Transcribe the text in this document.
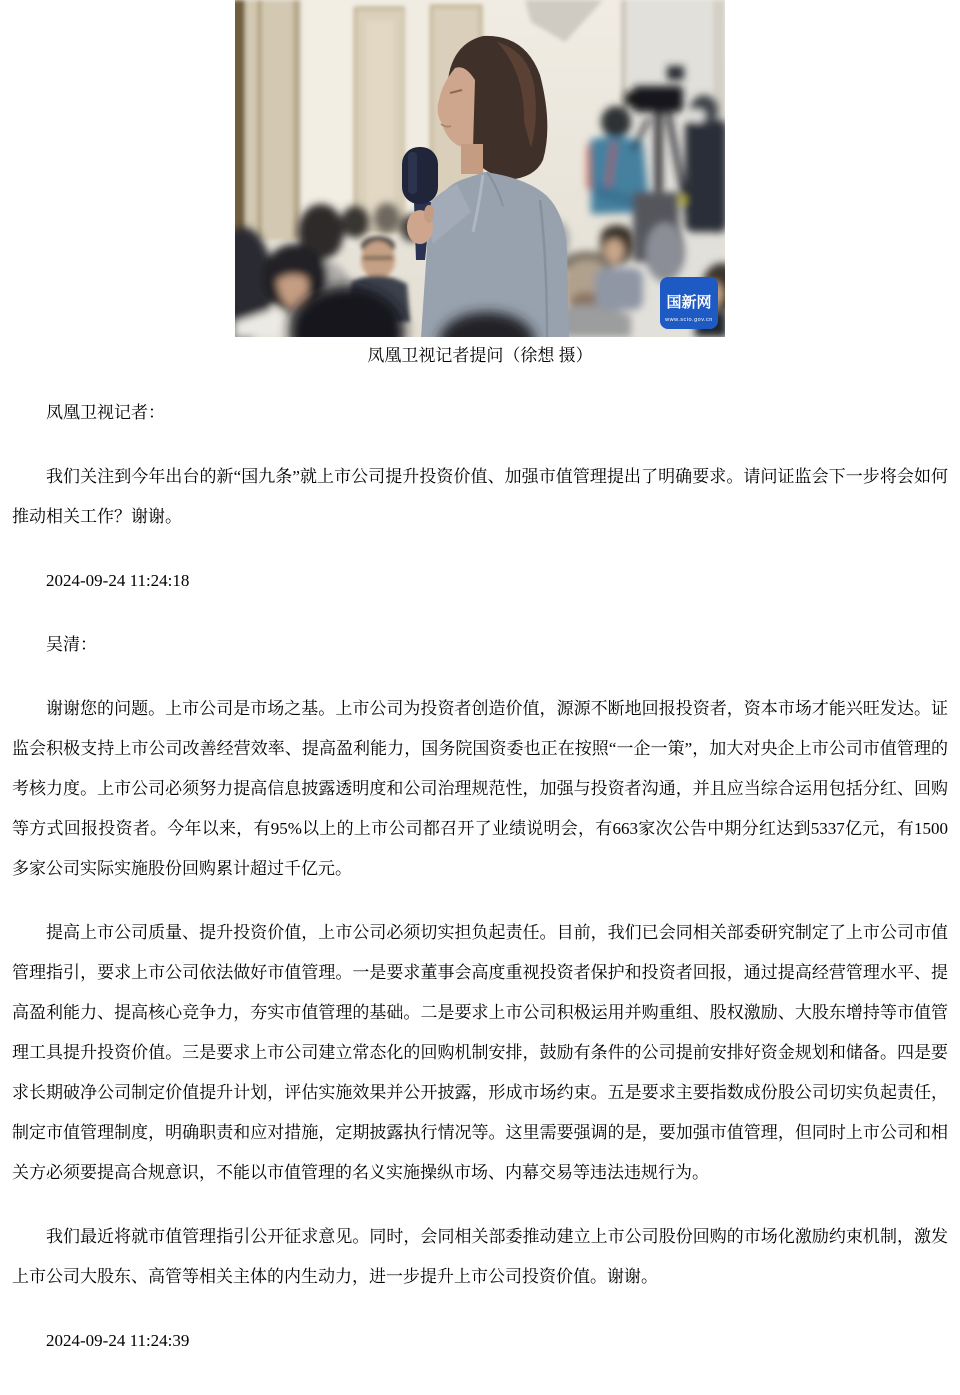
国新网
www.scio.gov.cn
凤凰卫视记者提问（徐想 摄）

凤凰卫视记者：

我们关注到今年出台的新“国九条”就上市公司提升投资价值、加强市值管理提出了明确要求。请问证监会下一步将会如何推动相关工作？谢谢。

2024-09-24 11:24:18

吴清：

谢谢您的问题。上市公司是市场之基。上市公司为投资者创造价值，源源不断地回报投资者，资本市场才能兴旺发达。证监会积极支持上市公司改善经营效率、提高盈利能力，国务院国资委也正在按照“一企一策”，加大对央企上市公司市值管理的考核力度。上市公司必须努力提高信息披露透明度和公司治理规范性，加强与投资者沟通，并且应当综合运用包括分红、回购等方式回报投资者。今年以来，有95%以上的上市公司都召开了业绩说明会，有663家次公告中期分红达到5337亿元，有1500多家公司实际实施股份回购累计超过千亿元。

提高上市公司质量、提升投资价值，上市公司必须切实担负起责任。目前，我们已会同相关部委研究制定了上市公司市值管理指引，要求上市公司依法做好市值管理。一是要求董事会高度重视投资者保护和投资者回报，通过提高经营管理水平、提高盈利能力、提高核心竞争力，夯实市值管理的基础。二是要求上市公司积极运用并购重组、股权激励、大股东增持等市值管理工具提升投资价值。三是要求上市公司建立常态化的回购机制安排，鼓励有条件的公司提前安排好资金规划和储备。四是要求长期破净公司制定价值提升计划，评估实施效果并公开披露，形成市场约束。五是要求主要指数成份股公司切实负起责任，制定市值管理制度，明确职责和应对措施，定期披露执行情况等。这里需要强调的是，要加强市值管理，但同时上市公司和相关方必须要提高合规意识，不能以市值管理的名义实施操纵市场、内幕交易等违法违规行为。

我们最近将就市值管理指引公开征求意见。同时，会同相关部委推动建立上市公司股份回购的市场化激励约束机制，激发上市公司大股东、高管等相关主体的内生动力，进一步提升上市公司投资价值。谢谢。

2024-09-24 11:24:39
